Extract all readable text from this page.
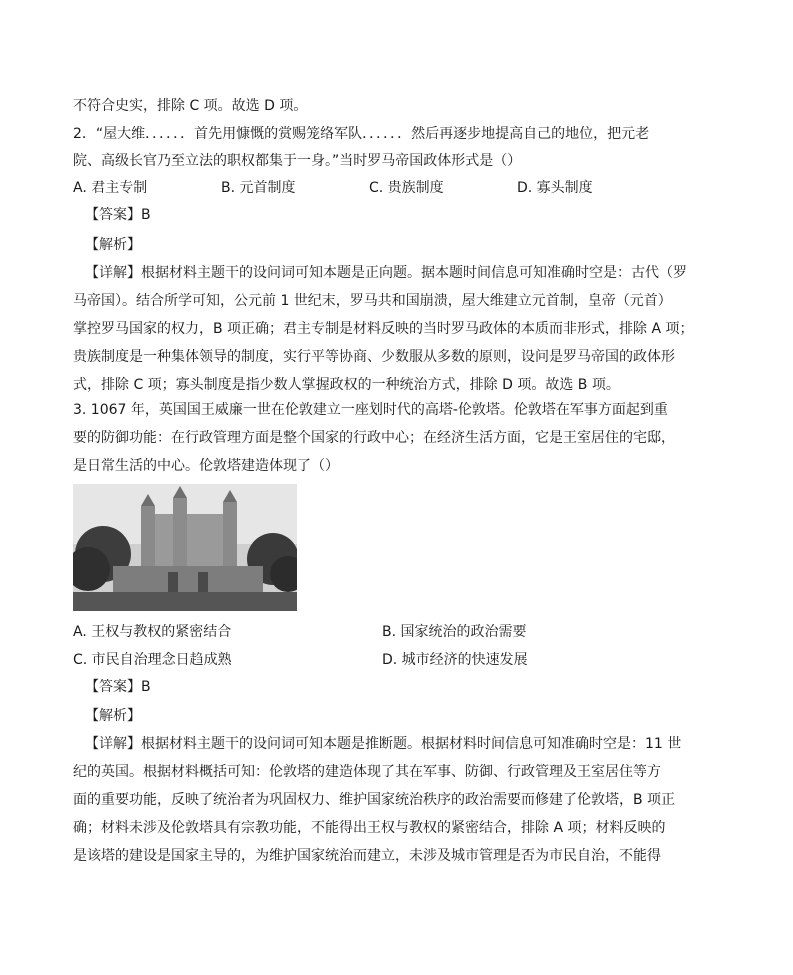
不符合史实，排除 C 项。故选 D 项。
2．“屋大维．．．．．．首先用慷慨的赏赐笼络军队．．．．．．然后再逐步地提高自己的地位，把元老
院、高级长官乃至立法的职权都集于一身。”当时罗马帝国政体形式是（）
A. 君主专制	B. 元首制度	C. 贵族制度	D. 寡头制度
【答案】B
【解析】
【详解】根据材料主题干的设问词可知本题是正向题。据本题时间信息可知准确时空是：古代（罗
马帝国）。结合所学可知，公元前 1 世纪末，罗马共和国崩溃，屋大维建立元首制，皇帝（元首）
掌控罗马国家的权力，B 项正确；君主专制是材料反映的当时罗马政体的本质而非形式，排除 A 项；
贵族制度是一种集体领导的制度，实行平等协商、少数服从多数的原则，设问是罗马帝国的政体形
式，排除 C 项；寡头制度是指少数人掌握政权的一种统治方式，排除 D 项。故选 B 项。
3. 1067 年，英国国王威廉一世在伦敦建立一座划时代的高塔-伦敦塔。伦敦塔在军事方面起到重
要的防御功能：在行政管理方面是整个国家的行政中心；在经济生活方面，它是王室居住的宅邸，
是日常生活的中心。伦敦塔建造体现了（）
A. 王权与教权的紧密结合	B. 国家统治的政治需要
C. 市民自治理念日趋成熟	D. 城市经济的快速发展
【答案】B
【解析】
【详解】根据材料主题干的设问词可知本题是推断题。根据材料时间信息可知准确时空是：11 世
纪的英国。根据材料概括可知：伦敦塔的建造体现了其在军事、防御、行政管理及王室居住等方
面的重要功能，反映了统治者为巩固权力、维护国家统治秩序的政治需要而修建了伦敦塔，B 项正
确；材料未涉及伦敦塔具有宗教功能，不能得出王权与教权的紧密结合，排除 A 项；材料反映的
是该塔的建设是国家主导的，为维护国家统治而建立，未涉及城市管理是否为市民自治，不能得
